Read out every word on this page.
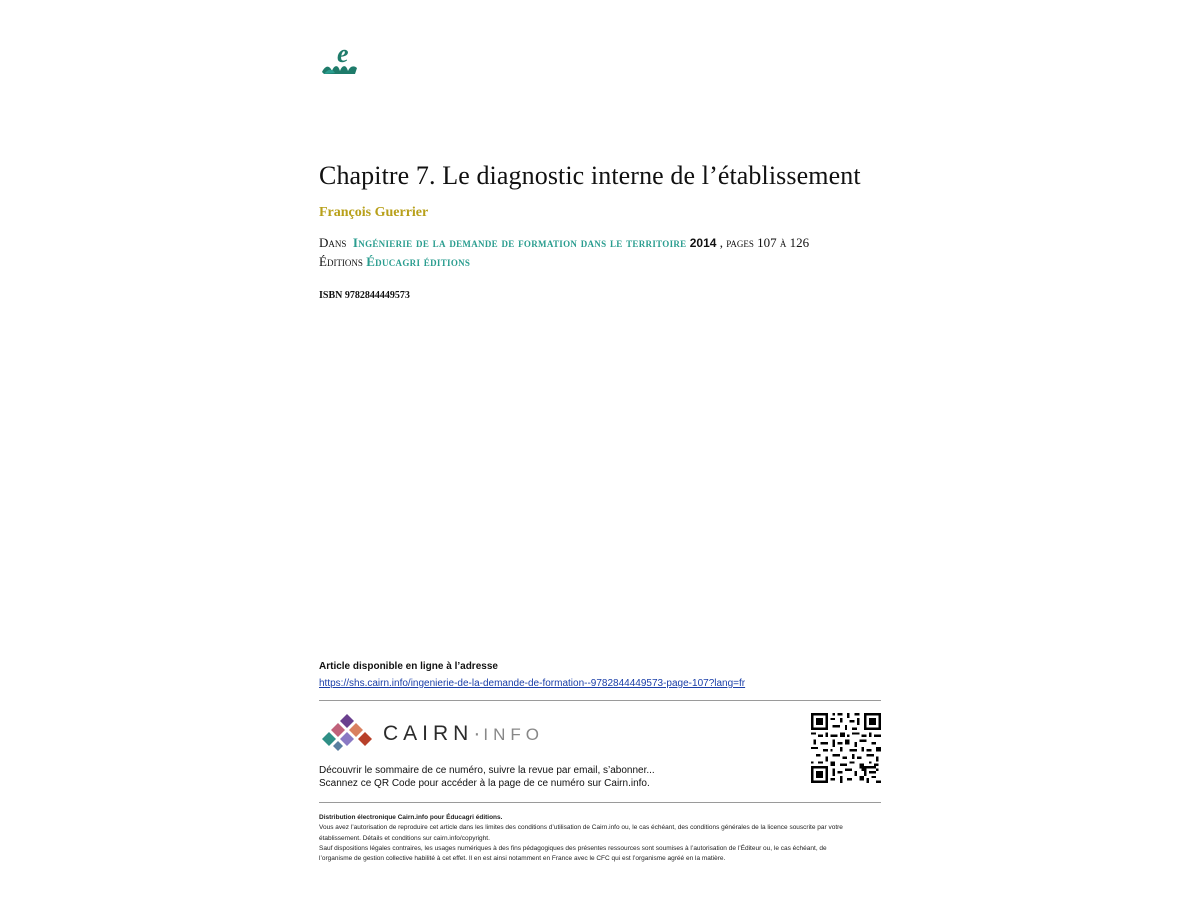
e
Chapitre 7. Le diagnostic interne de l’établissement
François Guerrier
Dans Ingénierie de la demande de formation dans le territoire 2014 , pages 107 à 126
Éditions Éducagri éditions
ISBN 9782844449573
Article disponible en ligne à l’adresse
https://shs.cairn.info/ingenierie-de-la-demande-de-formation--9782844449573-page-107?lang=fr
CAIRN·INFO
Découvrir le sommaire de ce numéro, suivre la revue par email, s’abonner...
Scannez ce QR Code pour accéder à la page de ce numéro sur Cairn.info.
Distribution électronique Cairn.info pour Éducagri éditions.
Vous avez l’autorisation de reproduire cet article dans les limites des conditions d’utilisation de Cairn.info ou, le cas échéant, des conditions générales de la licence souscrite par votre
établissement. Détails et conditions sur cairn.info/copyright.
Sauf dispositions légales contraires, les usages numériques à des fins pédagogiques des présentes ressources sont soumises à l’autorisation de l’Éditeur ou, le cas échéant, de
l’organisme de gestion collective habilité à cet effet. Il en est ainsi notamment en France avec le CFC qui est l’organisme agréé en la matière.
